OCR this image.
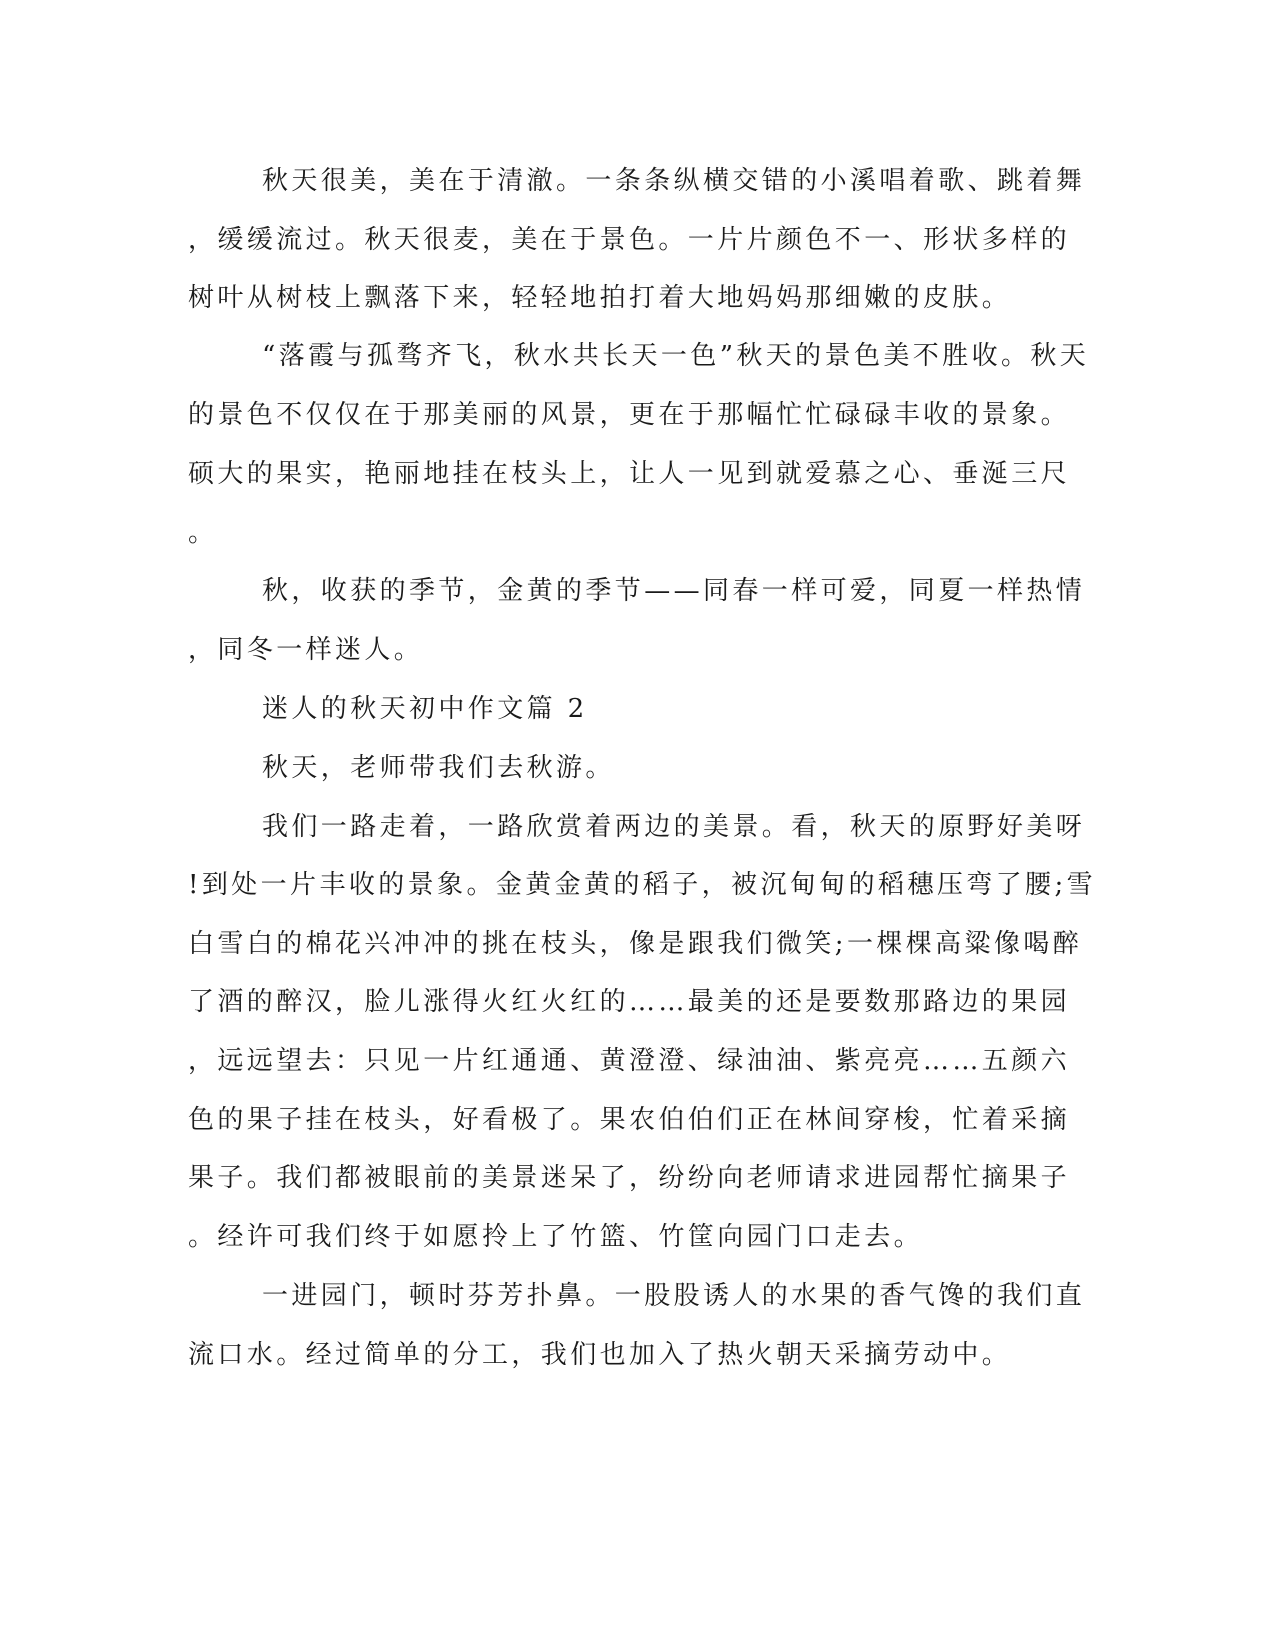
秋天很美，美在于清澈。一条条纵横交错的小溪唱着歌、跳着舞
，缓缓流过。秋天很麦，美在于景色。一片片颜色不一、形状多样的
树叶从树枝上飘落下来，轻轻地拍打着大地妈妈那细嫩的皮肤。
“落霞与孤骛齐飞，秋水共长天一色”秋天的景色美不胜收。秋天
的景色不仅仅在于那美丽的风景，更在于那幅忙忙碌碌丰收的景象。
硕大的果实，艳丽地挂在枝头上，让人一见到就爱慕之心、垂涎三尺
。
秋，收获的季节，金黄的季节——同春一样可爱，同夏一样热情
，同冬一样迷人。
迷人的秋天初中作文篇 2
秋天，老师带我们去秋游。
我们一路走着，一路欣赏着两边的美景。看，秋天的原野好美呀
!到处一片丰收的景象。金黄金黄的稻子，被沉甸甸的稻穗压弯了腰;雪
白雪白的棉花兴冲冲的挑在枝头，像是跟我们微笑;一棵棵高粱像喝醉
了酒的醉汉，脸儿涨得火红火红的……最美的还是要数那路边的果园
，远远望去：只见一片红通通、黄澄澄、绿油油、紫亮亮……五颜六
色的果子挂在枝头，好看极了。果农伯伯们正在林间穿梭，忙着采摘
果子。我们都被眼前的美景迷呆了，纷纷向老师请求进园帮忙摘果子
。经许可我们终于如愿拎上了竹篮、竹筐向园门口走去。
一进园门，顿时芬芳扑鼻。一股股诱人的水果的香气馋的我们直
流口水。经过简单的分工，我们也加入了热火朝天采摘劳动中。
